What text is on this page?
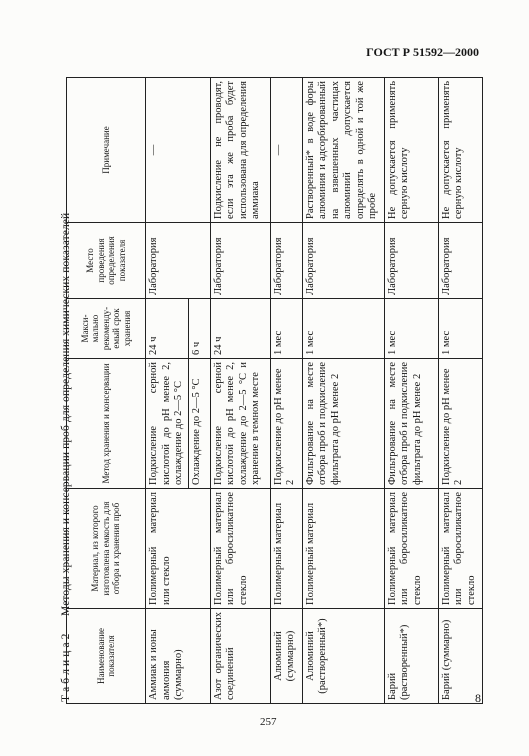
ГОСТ Р 51592—2000
Т а б л и ц а 2 — Методы хранения и консервации проб для определения химических показателей	Наименование показателя	Материал, из которого изготовлена емкость для отбора и хранения проб	Метод хранения и консервации	Макси-мально рекоменду-емый срок хранения	Место проведения определения показателя	Примечание
Аммиак и ионы аммония (суммарно)	Полимерный материал или стекло	Подкисление серной кислотой до pH менее 2, охлаждение до 2—5 °С	24 ч	Лаборатория	—
		Охлаждение до 2—5 °С	6 ч		
Азот органических соединений	Полимерный материал или боросиликатное стекло	Подкисление серной кислотой до pH менее 2, охлаждение до 2—5 °С и хранение в темном месте	24 ч	Лаборатория	Подкисление не проводят, если эта же проба будет использована для определения аммиака
Алюминий (суммарно)	Полимерный материал	Подкисление до pH менее 2	1 мес	Лаборатория	—
Алюминий (растворенный*)	Полимерный материал	Фильтрование на месте отбора проб и подкисление фильтрата до pH менее 2	1 мес	Лаборатория	Растворенный* в воде форы алюминия и адсорбированный на взвешенных частицах алюминий допускается определять в одной и той же пробе
Барий (растворенный*)	Полимерный материал или боросиликатное стекло	Фильтрование на месте отбора проб и подкисление фильтрата до pH менее 2	1 мес	Лаборатория	Не допускается применять серную кислоту
Барий (суммарно)	Полимерный материал или боросиликатное стекло	Подкисление до pH менее 2	1 мес	Лаборатория	Не допускается применять серную кислоту
257
8
